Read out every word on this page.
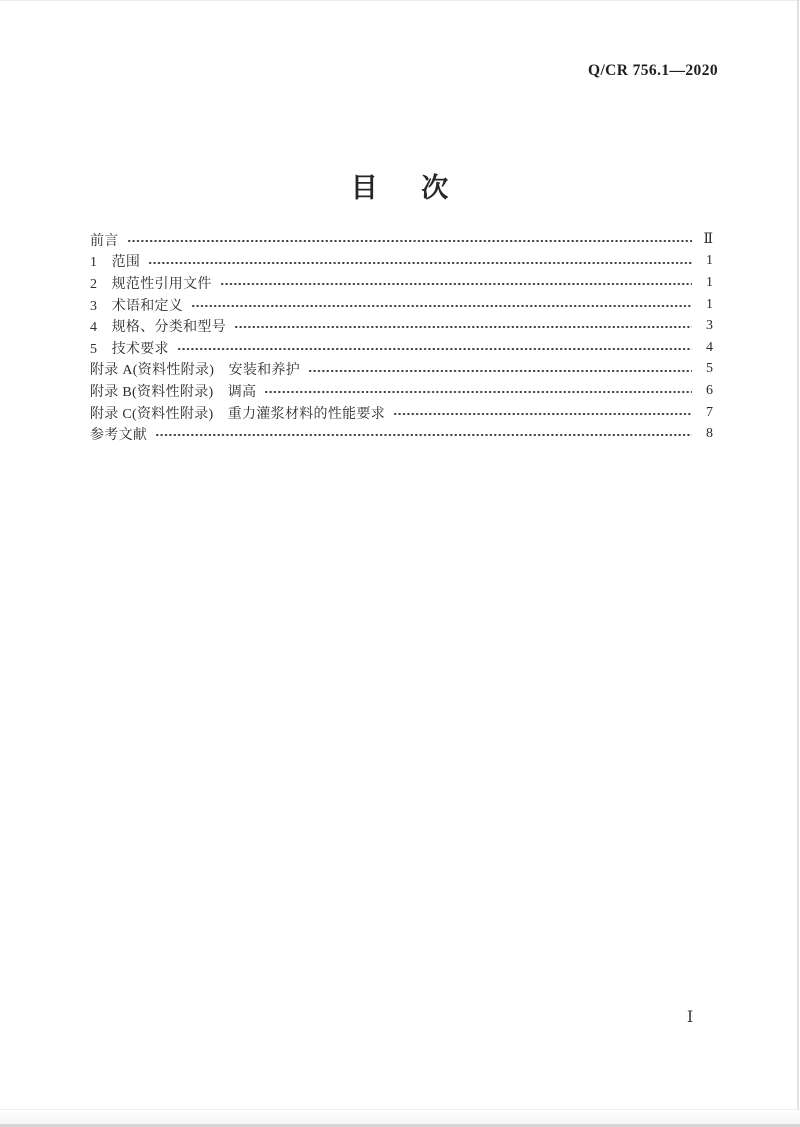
Q/CR 756.1—2020
目 次
前言	Ⅱ
1　范围	1
2　规范性引用文件	1
3　术语和定义	1
4　规格、分类和型号	3
5　技术要求	4
附录 A(资料性附录)　安装和养护	5
附录 B(资料性附录)　调高	6
附录 C(资料性附录)　重力灌浆材料的性能要求	7
参考文献	8
Ⅰ
